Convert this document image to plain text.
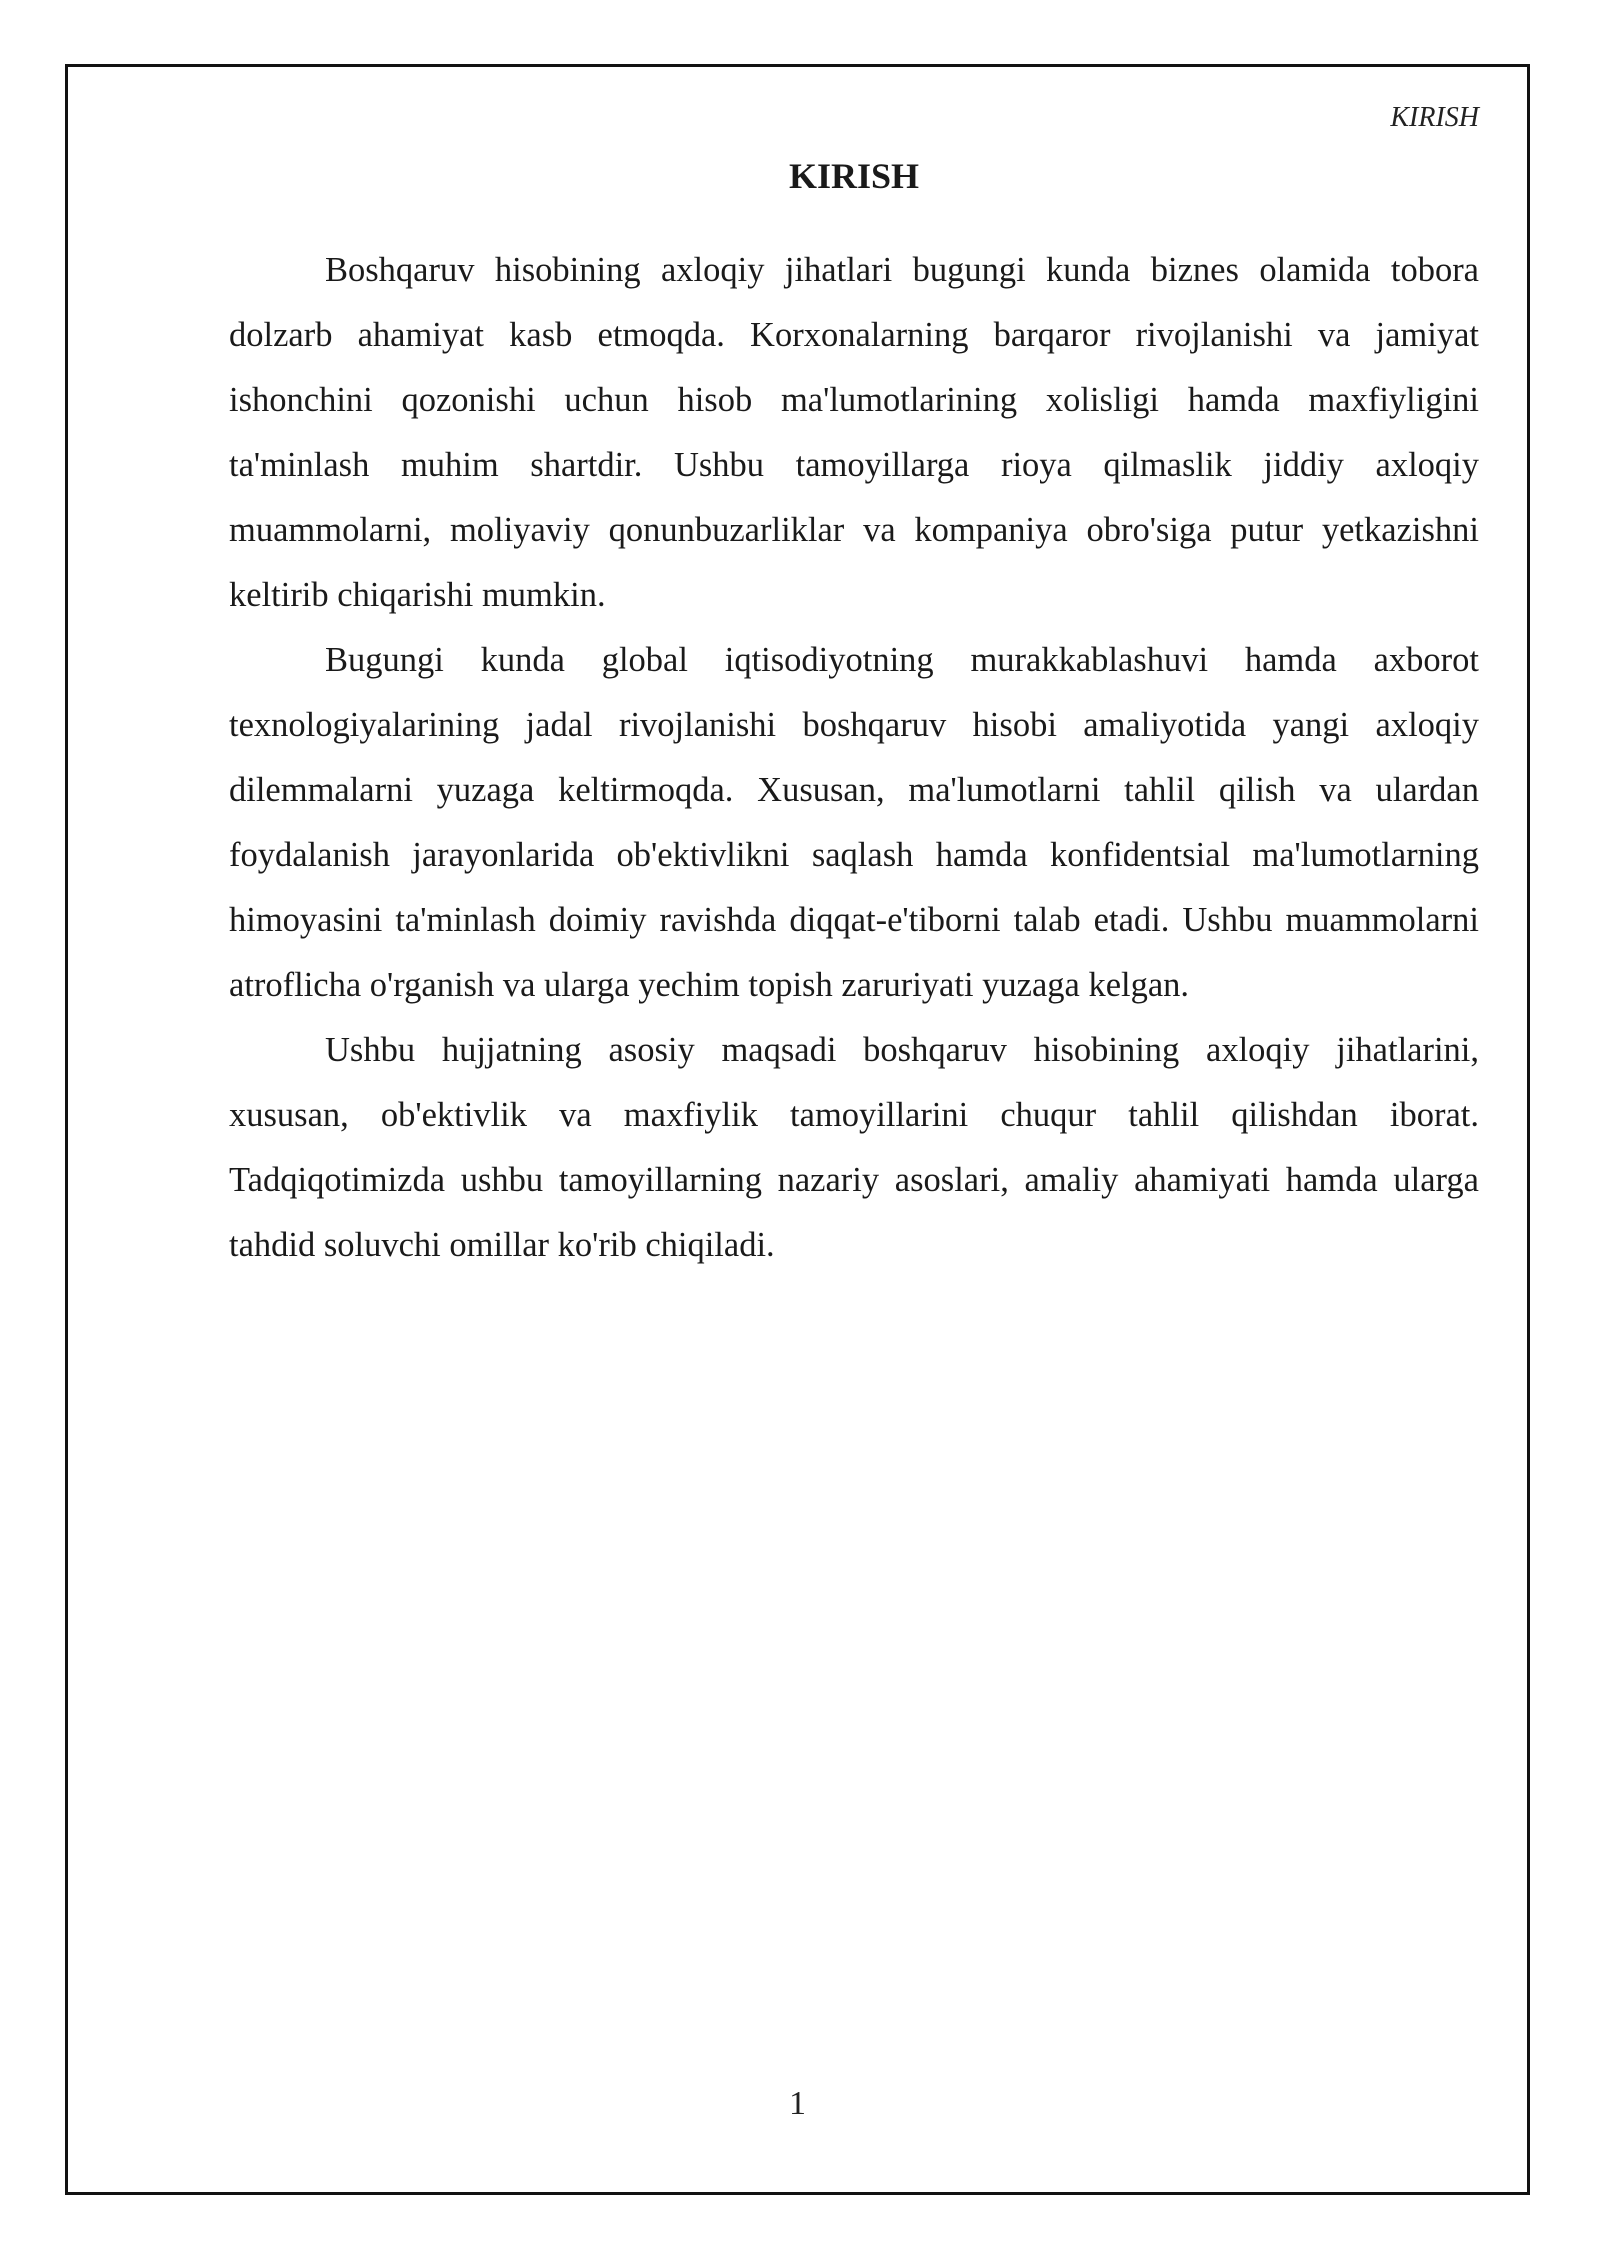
KIRISH
KIRISH

Boshqaruv hisobining axloqiy jihatlari bugungi kunda biznes olamida tobora dolzarb ahamiyat kasb etmoqda. Korxonalarning barqaror rivojlanishi va jamiyat ishonchini qozonishi uchun hisob ma'lumotlarining xolisligi hamda maxfiyligini ta'minlash muhim shartdir. Ushbu tamoyillarga rioya qilmaslik jiddiy axloqiy muammolarni, moliyaviy qonunbuzarliklar va kompaniya obro'siga putur yetkazishni keltirib chiqarishi mumkin.

Bugungi kunda global iqtisodiyotning murakkablashuvi hamda axborot texnologiyalarining jadal rivojlanishi boshqaruv hisobi amaliyotida yangi axloqiy dilemmalarni yuzaga keltirmoqda. Xususan, ma'lumotlarni tahlil qilish va ulardan foydalanish jarayonlarida ob'ektivlikni saqlash hamda konfidentsial ma'lumotlarning himoyasini ta'minlash doimiy ravishda diqqat-e'tiborni talab etadi. Ushbu muammolarni atroflicha o'rganish va ularga yechim topish zaruriyati yuzaga kelgan.

Ushbu hujjatning asosiy maqsadi boshqaruv hisobining axloqiy jihatlarini, xususan, ob'ektivlik va maxfiylik tamoyillarini chuqur tahlil qilishdan iborat. Tadqiqotimizda ushbu tamoyillarning nazariy asoslari, amaliy ahamiyati hamda ularga tahdid soluvchi omillar ko'rib chiqiladi.

1
